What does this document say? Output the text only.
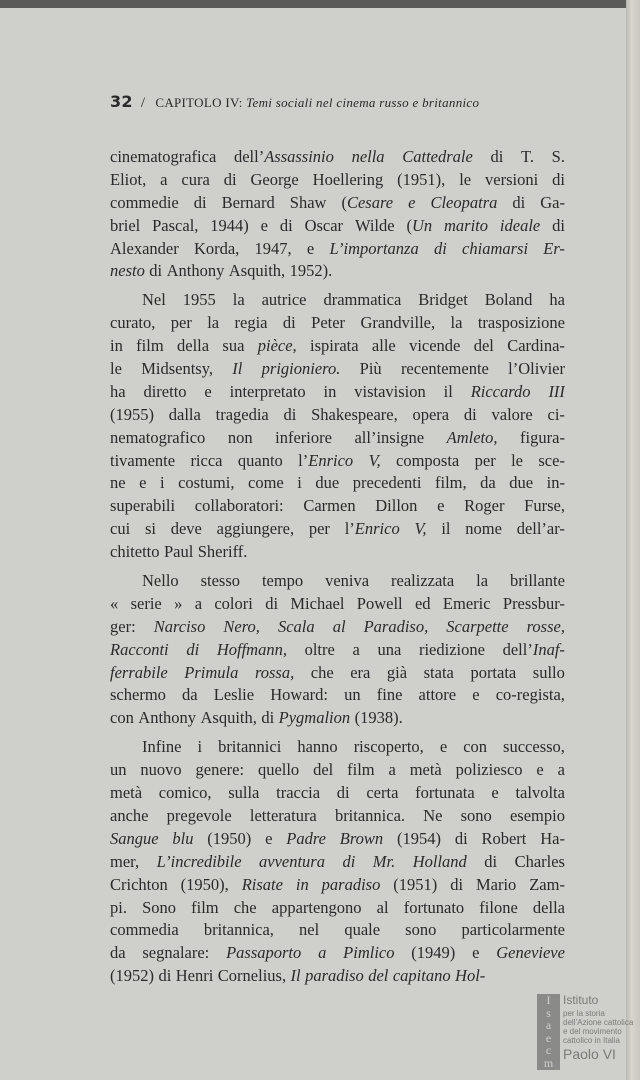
32 / CAPITOLO IV: Temi sociali nel cinema russo e britannico
cinematografica dell’Assassinio nella Cattedrale di T. S.
Eliot, a cura di George Hoellering (1951), le versioni di
commedie di Bernard Shaw (Cesare e Cleopatra di Ga-
briel Pascal, 1944) e di Oscar Wilde (Un marito ideale di
Alexander Korda, 1947, e L’importanza di chiamarsi Er-
nesto di Anthony Asquith, 1952).
Nel 1955 la autrice drammatica Bridget Boland ha
curato, per la regia di Peter Grandville, la trasposizione
in film della sua pièce, ispirata alle vicende del Cardina-
le Midsentsy, Il prigioniero. Più recentemente l’Olivier
ha diretto e interpretato in vistavision il Riccardo III
(1955) dalla tragedia di Shakespeare, opera di valore ci-
nematografico non inferiore all’insigne Amleto, figura-
tivamente ricca quanto l’Enrico V, composta per le sce-
ne e i costumi, come i due precedenti film, da due in-
superabili collaboratori: Carmen Dillon e Roger Furse,
cui si deve aggiungere, per l’Enrico V, il nome dell’ar-
chitetto Paul Sheriff.
Nello stesso tempo veniva realizzata la brillante
« serie » a colori di Michael Powell ed Emeric Pressbur-
ger: Narciso Nero, Scala al Paradiso, Scarpette rosse,
Racconti di Hoffmann, oltre a una riedizione dell’Inaf-
ferrabile Primula rossa, che era già stata portata sullo
schermo da Leslie Howard: un fine attore e co-regista,
con Anthony Asquith, di Pygmalion (1938).
Infine i britannici hanno riscoperto, e con successo,
un nuovo genere: quello del film a metà poliziesco e a
metà comico, sulla traccia di certa fortunata e talvolta
anche pregevole letteratura britannica. Ne sono esempio
Sangue blu (1950) e Padre Brown (1954) di Robert Ha-
mer, L’incredibile avventura di Mr. Holland di Charles
Crichton (1950), Risate in paradiso (1951) di Mario Zam-
pi. Sono film che appartengono al fortunato filone della
commedia britannica, nel quale sono particolarmente
da segnalare: Passaporto a Pimlico (1949) e Genevieve
(1952) di Henri Cornelius, Il paradiso del capitano Hol-
I
s
a
e
c
m
Istituto
per la storia
dell’Azione cattolica
e del movimento
cattolico in Italia
Paolo VI
